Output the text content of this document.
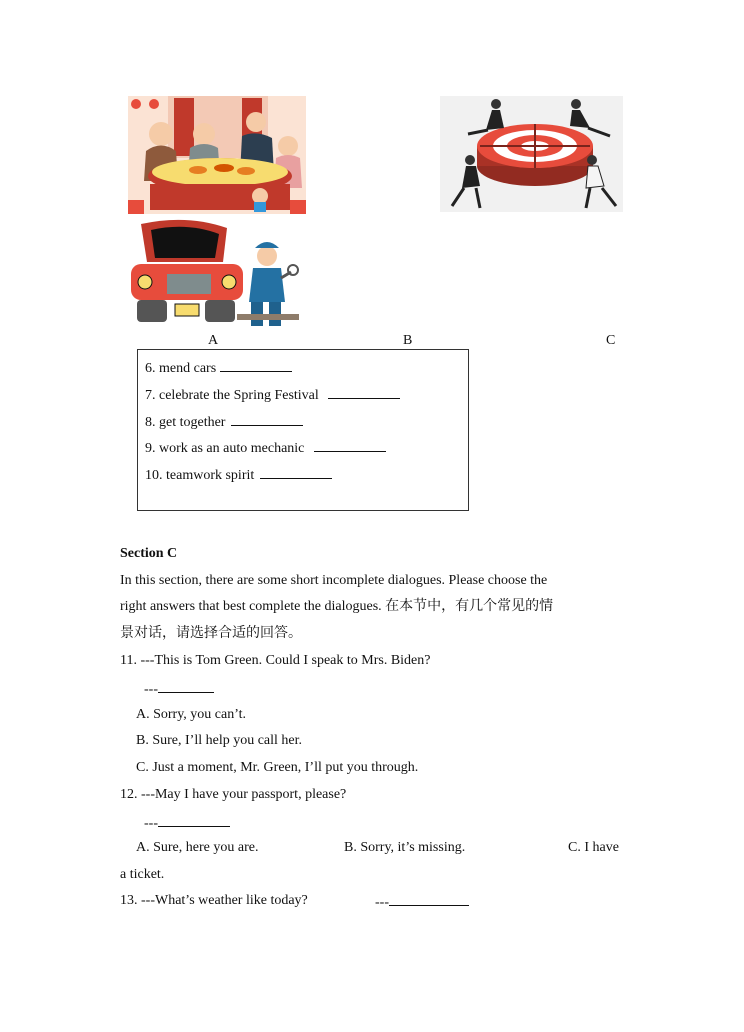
A	B	C
6. mend cars
7. celebrate the Spring Festival
8. get together
9. work as an auto mechanic
10. teamwork spirit
Section C
In this section, there are some short incomplete dialogues. Please choose the
right answers that best complete the dialogues. 在本节中，有几个常见的情
景对话，请选择合适的回答。
11. ---This is Tom Green. Could I speak to Mrs. Biden?
---
A. Sorry, you can’t.
B. Sure, I’ll help you call her.
C. Just a moment, Mr. Green, I’ll put you through.
12. ---May I have your passport, please?
---
A. Sure, here you are.	B. Sorry, it’s missing.	C. I have
a ticket.
13. ---What’s weather like today?	---
